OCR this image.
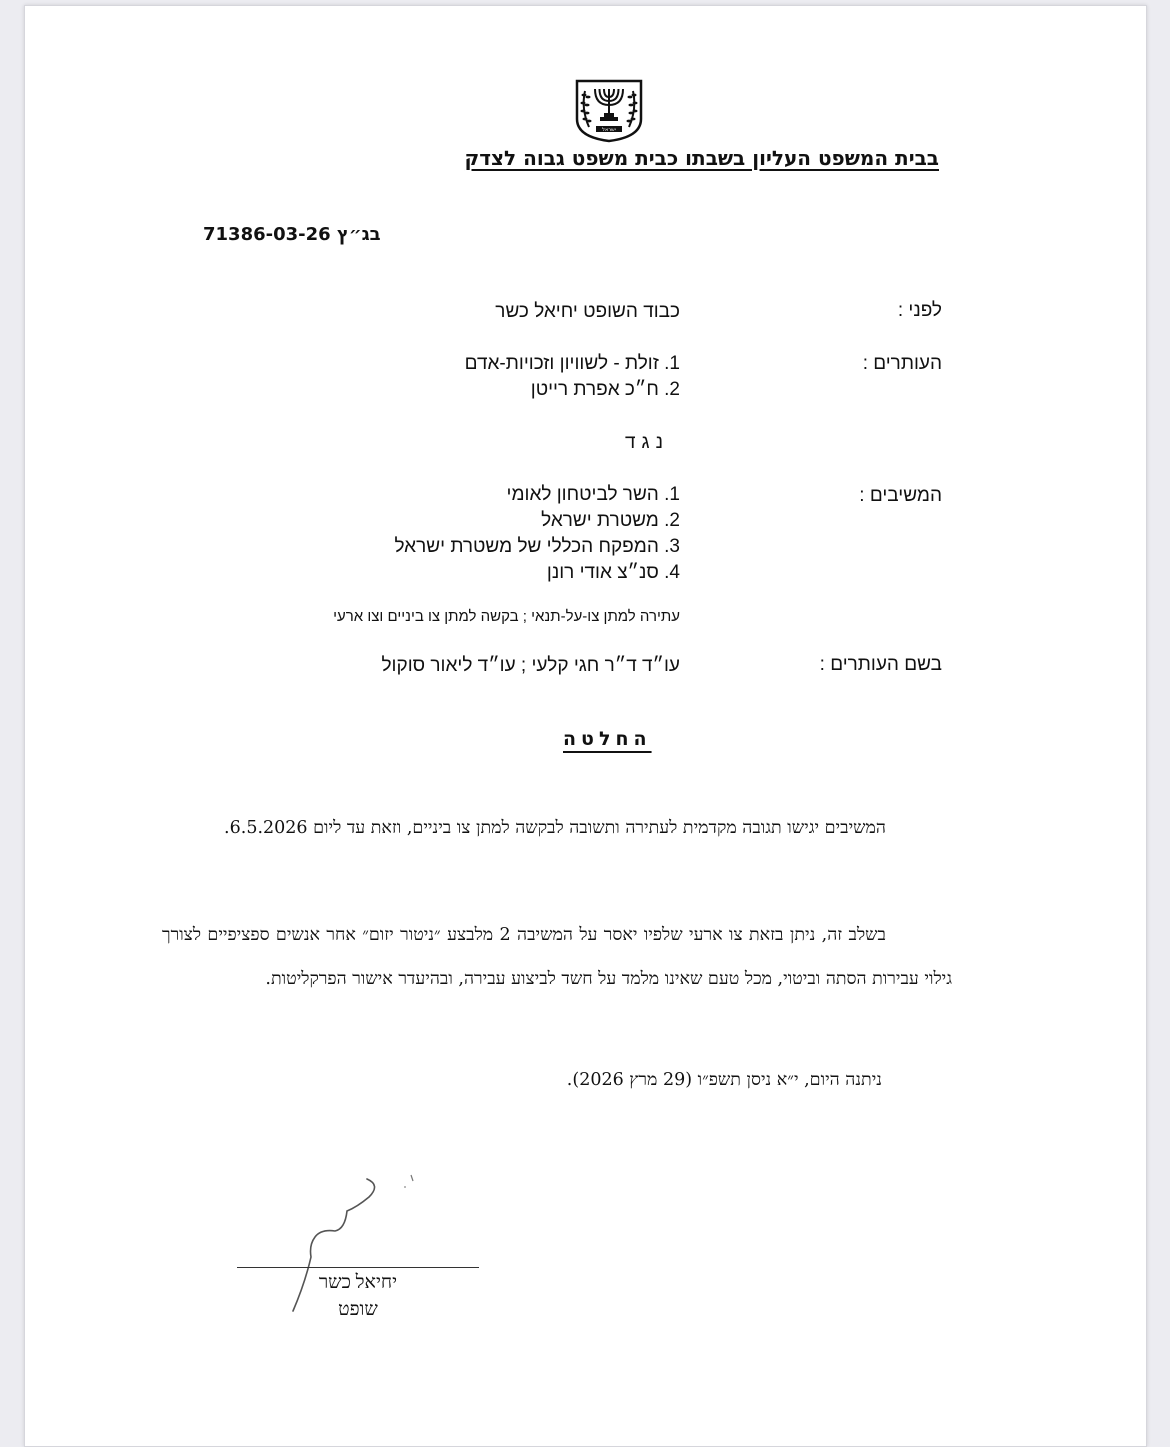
ישראל
בבית המשפט העליון בשבתו כבית משפט גבוה לצדק
בג״ץ 71386-03-26
לפני :
כבוד השופט יחיאל כשר
העותרים :
1. זולת - לשוויון וזכויות-אדם
2. ח״כ אפרת רייטן
נגד
המשיבים :
1. השר לביטחון לאומי
2. משטרת ישראל
3. המפקח הכללי של משטרת ישראל
4. סנ״צ אודי רונן
עתירה למתן צו-על-תנאי ; בקשה למתן צו ביניים וצו ארעי
בשם העותרים :
עו״ד ד״ר חגי קלעי ; עו״ד ליאור סוקול
החלטה
המשיבים יגישו תגובה מקדמית לעתירה ותשובה לבקשה למתן צו ביניים, וזאת עד ליום 6.5.2026.
בשלב זה, ניתן בזאת צו ארעי שלפיו יאסר על המשיבה 2 מלבצע ״ניטור יזום״ אחר אנשים ספציפיים לצורך גילוי עבירות הסתה וביטוי, מכל טעם שאינו מלמד על חשד לביצוע עבירה, ובהיעדר אישור הפרקליטות.
ניתנה היום, י״א ניסן תשפ״ו (29 מרץ 2026).
יחיאל כשר
שופט
